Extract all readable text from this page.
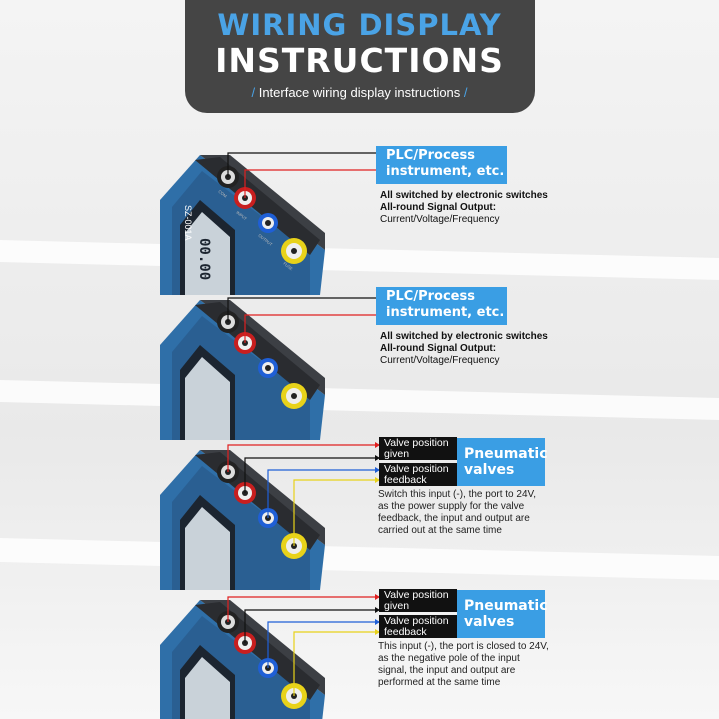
WIRING DISPLAY
INSTRUCTIONS
/ Interface wiring display instructions /
PLC/Process
instrument, etc.
All switched by electronic switches
All-round Signal Output:
Current/Voltage/Frequency
PLC/Process
instrument, etc.
All switched by electronic switches
All-round Signal Output:
Current/Voltage/Frequency
Valve position
given
Valve position
feedback
Pneumatic
valves
Switch this input (-), the port to 24V,
as the power supply for the valve
feedback, the input and output are
carried out at the same time
Valve position
given
Valve position
feedback
Pneumatic
valves
This input (-), the port is closed to 24V,
as the negative pole of the input
signal, the input and output are
performed at the same time
SZ-001A
00.00
COM
INPUT
OUTPUT
FUSE
